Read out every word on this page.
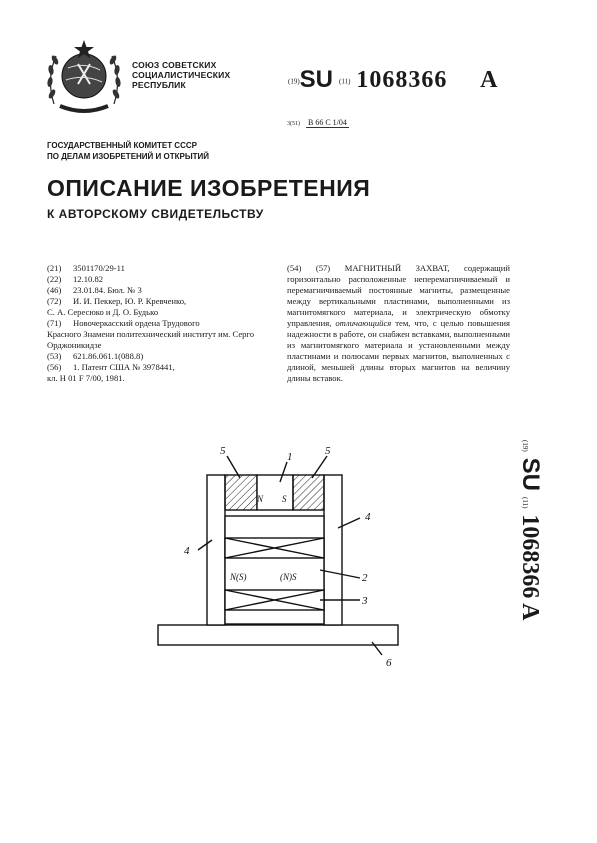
СОЮЗ СОВЕТСКИХ
СОЦИАЛИСТИЧЕСКИХ
РЕСПУБЛИК	(19)SU (11) 1068366 A
3(51) В 66 С 1/04
ГОСУДАРСТВЕННЫЙ КОМИТЕТ СССР
ПО ДЕЛАМ ИЗОБРЕТЕНИЙ И ОТКРЫТИЙ
ОПИСАНИЕ ИЗОБРЕТЕНИЯ
К АВТОРСКОМУ СВИДЕТЕЛЬСТВУ
(21)	3501170/29-11
(22)	12.10.82
(46)	23.01.84. Бюл. № 3
(72)	И. И. Пеккер, Ю. Р. Кревченко,
С. А. Сересюко и Д. О. Будько
(71)	Новочеркасский ордена Трудового
Красного Знамени политехнический институт им. Серго Орджоникидзе
(53)	621.86.061.1(088.8)
(56)	1. Патент США № 3978441,
кл. Н 01 F 7/00, 1981.
(54) (57) МАГНИТНЫЙ ЗАХВАТ, содержащий горизонтально расположенные неперемагничиваемый и перемагничиваемый постоянные магниты, размещенные между вертикальными пластинами, выполненными из магнитомягкого материала, и электрическую обмотку управления, отличающийся тем, что, с целью повышения надежности в работе, он снабжен вставками, выполненными из магнитомягкого материала и установленными между пластинами и полюсами первых магнитов, выполненных с длиной, меньшей длины вторых магнитов на величину длины вставок.
5	1	5
4
4
2
3
6
N S
N(S)	(N)S
(19) SU (11) 1068366 A
